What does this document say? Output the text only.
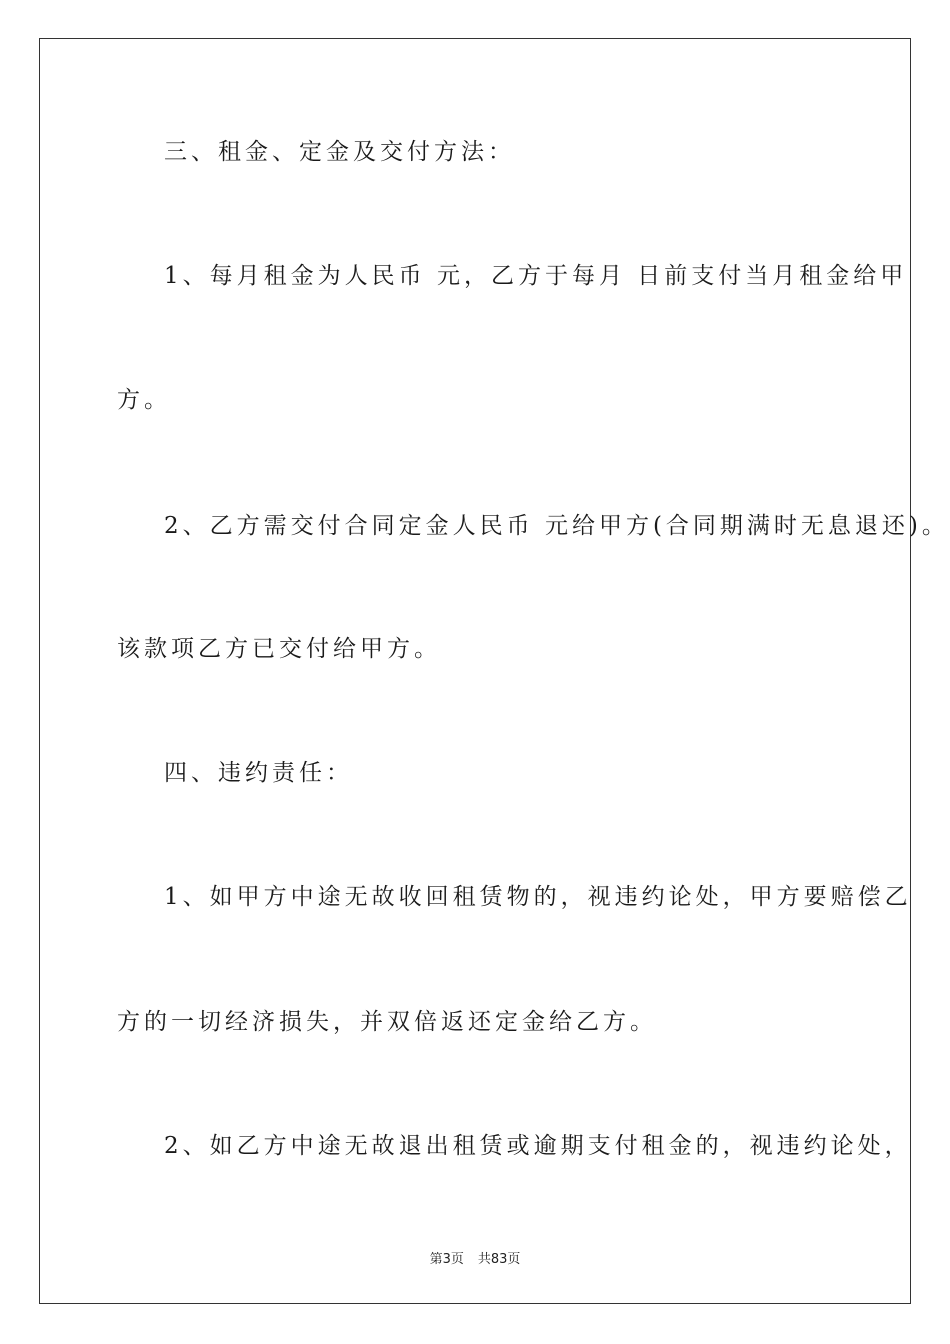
三、租金、定金及交付方法：
1、每月租金为人民币 元，乙方于每月 日前支付当月租金给甲
方。
2、乙方需交付合同定金人民币 元给甲方(合同期满时无息退还)。
该款项乙方已交付给甲方。
四、违约责任：
1、如甲方中途无故收回租赁物的，视违约论处，甲方要赔偿乙
方的一切经济损失，并双倍返还定金给乙方。
2、如乙方中途无故退出租赁或逾期支付租金的，视违约论处，
第3页 共83页
